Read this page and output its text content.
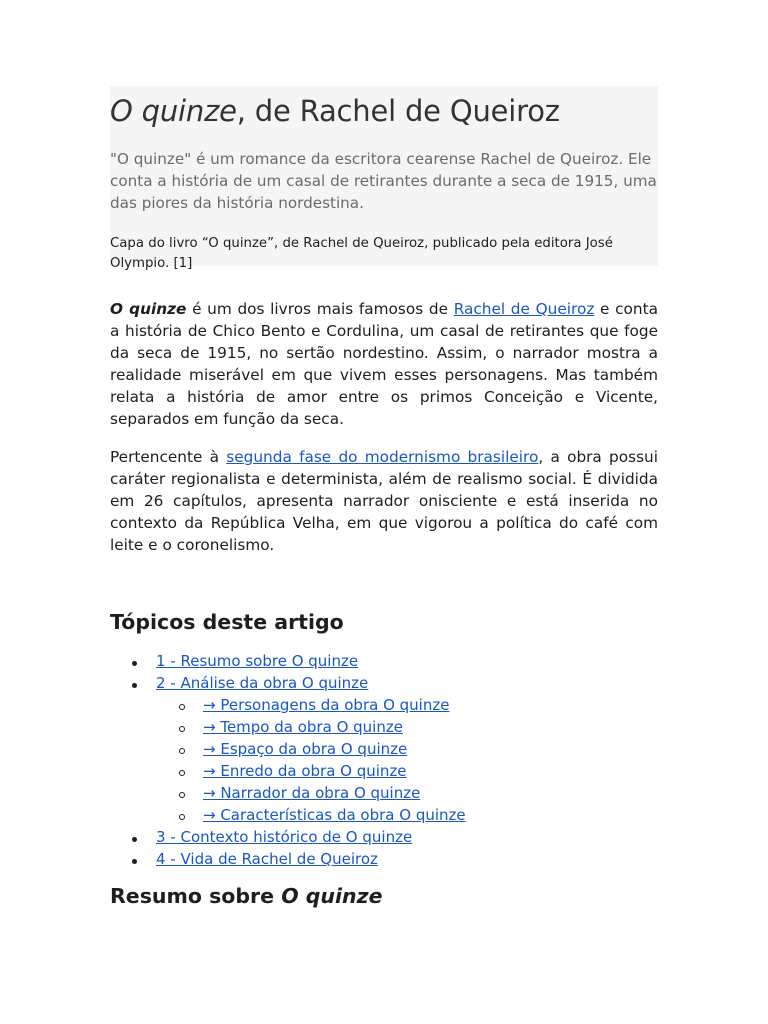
O quinze, de Rachel de Queiroz

"O quinze" é um romance da escritora cearense Rachel de Queiroz. Ele conta a história de um casal de retirantes durante a seca de 1915, uma das piores da história nordestina.

Capa do livro “O quinze”, de Rachel de Queiroz, publicado pela editora José Olympio. [1]

O quinze é um dos livros mais famosos de Rachel de Queiroz e conta a história de Chico Bento e Cordulina, um casal de retirantes que foge da seca de 1915, no sertão nordestino. Assim, o narrador mostra a realidade miserável em que vivem esses personagens. Mas também relata a história de amor entre os primos Conceição e Vicente, separados em função da seca.

Pertencente à segunda fase do modernismo brasileiro, a obra possui caráter regionalista e determinista, além de realismo social. É dividida em 26 capítulos, apresenta narrador onisciente e está inserida no contexto da República Velha, em que vigorou a política do café com leite e o coronelismo.

Tópicos deste artigo
1 - Resumo sobre O quinze
2 - Análise da obra O quinze
→ Personagens da obra O quinze
→ Tempo da obra O quinze
→ Espaço da obra O quinze
→ Enredo da obra O quinze
→ Narrador da obra O quinze
→ Características da obra O quinze
3 - Contexto histórico de O quinze
4 - Vida de Rachel de Queiroz
Resumo sobre O quinze
